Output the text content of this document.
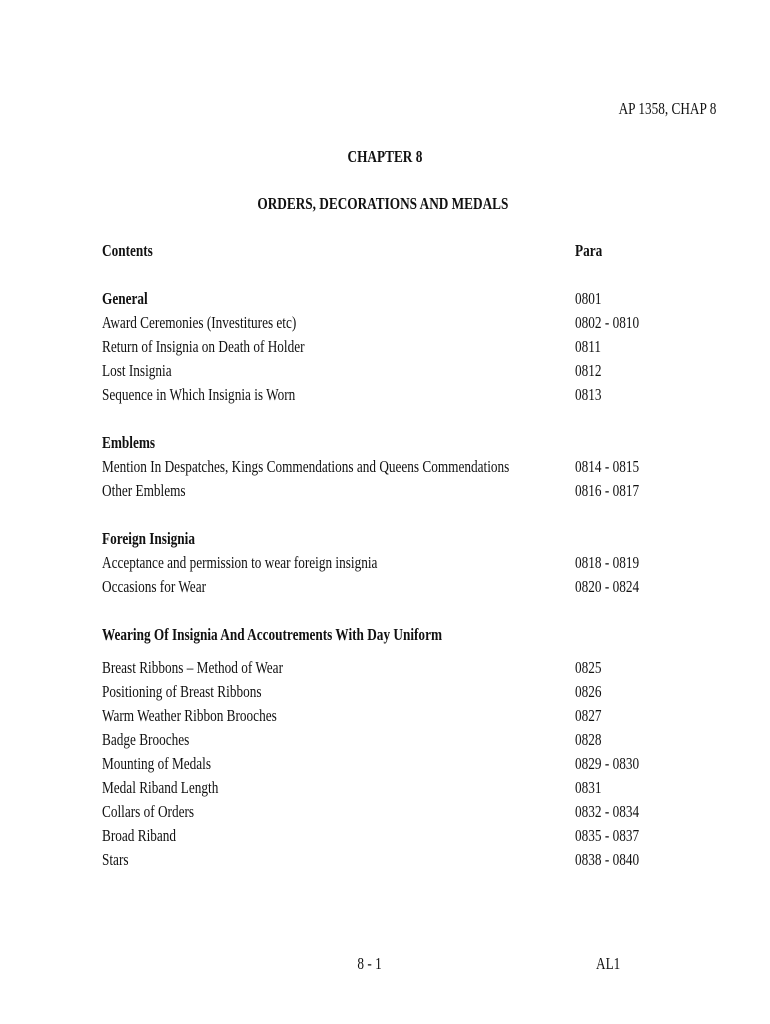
AP 1358, CHAP 8
CHAPTER 8
ORDERS, DECORATIONS AND MEDALS
Contents	Para
General	0801
Award Ceremonies (Investitures etc)	0802 - 0810
Return of Insignia on Death of Holder	0811
Lost Insignia	0812
Sequence in Which Insignia is Worn	0813
Emblems
Mention In Despatches, Kings Commendations and Queens Commendations	0814 - 0815
Other Emblems	0816 - 0817
Foreign Insignia
Acceptance and permission to wear foreign insignia	0818 - 0819
Occasions for Wear	0820 - 0824
Wearing Of Insignia And Accoutrements With Day Uniform
Breast Ribbons – Method of Wear	0825
Positioning of Breast Ribbons	0826
Warm Weather Ribbon Brooches	0827
Badge Brooches	0828
Mounting of Medals	0829 - 0830
Medal Riband Length	0831
Collars of Orders	0832 - 0834
Broad Riband	0835 - 0837
Stars	0838 - 0840
8 - 1	AL1
